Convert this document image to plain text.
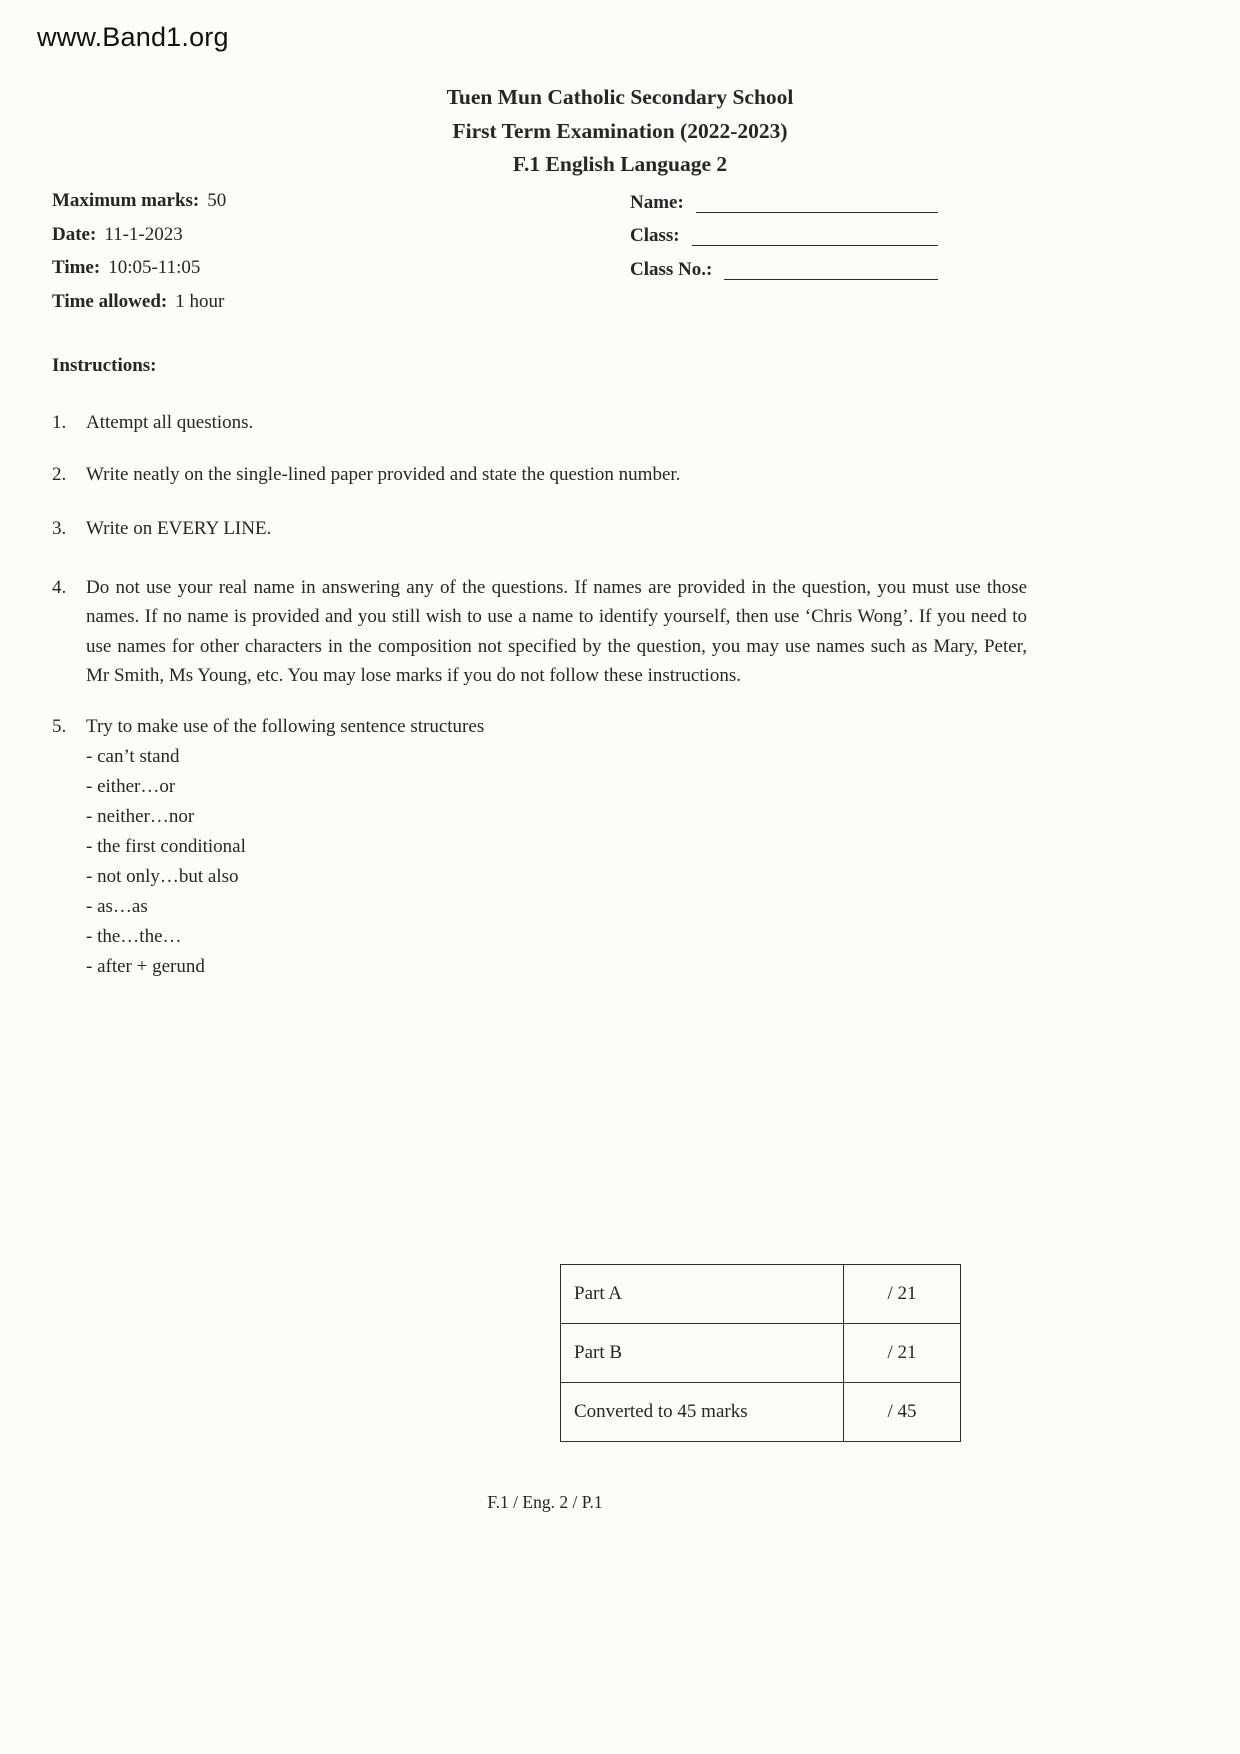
www.Band1.org
Tuen Mun Catholic Secondary School
First Term Examination (2022-2023)
F.1 English Language 2
Maximum marks: 50
Date: 11-1-2023
Time: 10:05-11:05
Time allowed: 1 hour
Name:
Class:
Class No.:
Instructions:
1.	Attempt all questions.
2.	Write neatly on the single-lined paper provided and state the question number.
3.	Write on EVERY LINE.
4.	Do not use your real name in answering any of the questions. If names are provided in the question, you must use those names. If no name is provided and you still wish to use a name to identify yourself, then use ‘Chris Wong’. If you need to use names for other characters in the composition not specified by the question, you may use names such as Mary, Peter, Mr Smith, Ms Young, etc. You may lose marks if you do not follow these instructions.
5.	Try to make use of the following sentence structures
- can’t stand
- either…or
- neither…nor
- the first conditional
- not only…but also
- as…as
- the…the…
- after + gerund
Part A	/ 21
Part B	/ 21
Converted to 45 marks	/ 45
F.1 / Eng. 2 / P.1
